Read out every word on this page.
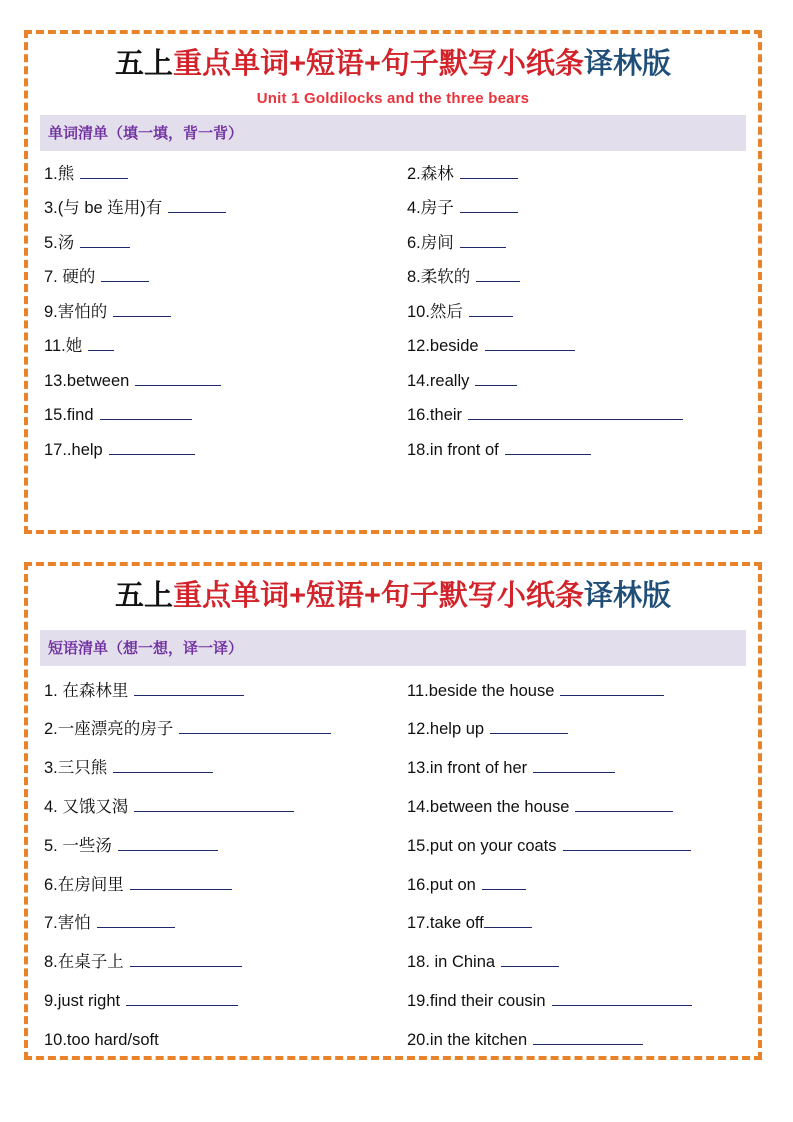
五上重点单词+短语+句子默写小纸条译林版
Unit 1 Goldilocks and the three bears
单词清单（填一填，背一背）
1.熊	2.森林
3.(与 be 连用)有	4.房子
5.汤	6.房间
7. 硬的	8.柔软的
9.害怕的	10.然后
11.她	12.beside
13.between	14.really
15.find	16.their
17..help	18.in front of
五上重点单词+短语+句子默写小纸条译林版
短语清单（想一想，译一译）
1. 在森林里	11.beside the house
2.一座漂亮的房子	12.help up
3.三只熊	13.in front of her
4. 又饿又渴	14.between the house
5. 一些汤	15.put on your coats
6.在房间里	16.put on
7.害怕	17.take off
8.在桌子上	18. in China
9.just right	19.find their cousin
10.too hard/soft	20.in the kitchen
